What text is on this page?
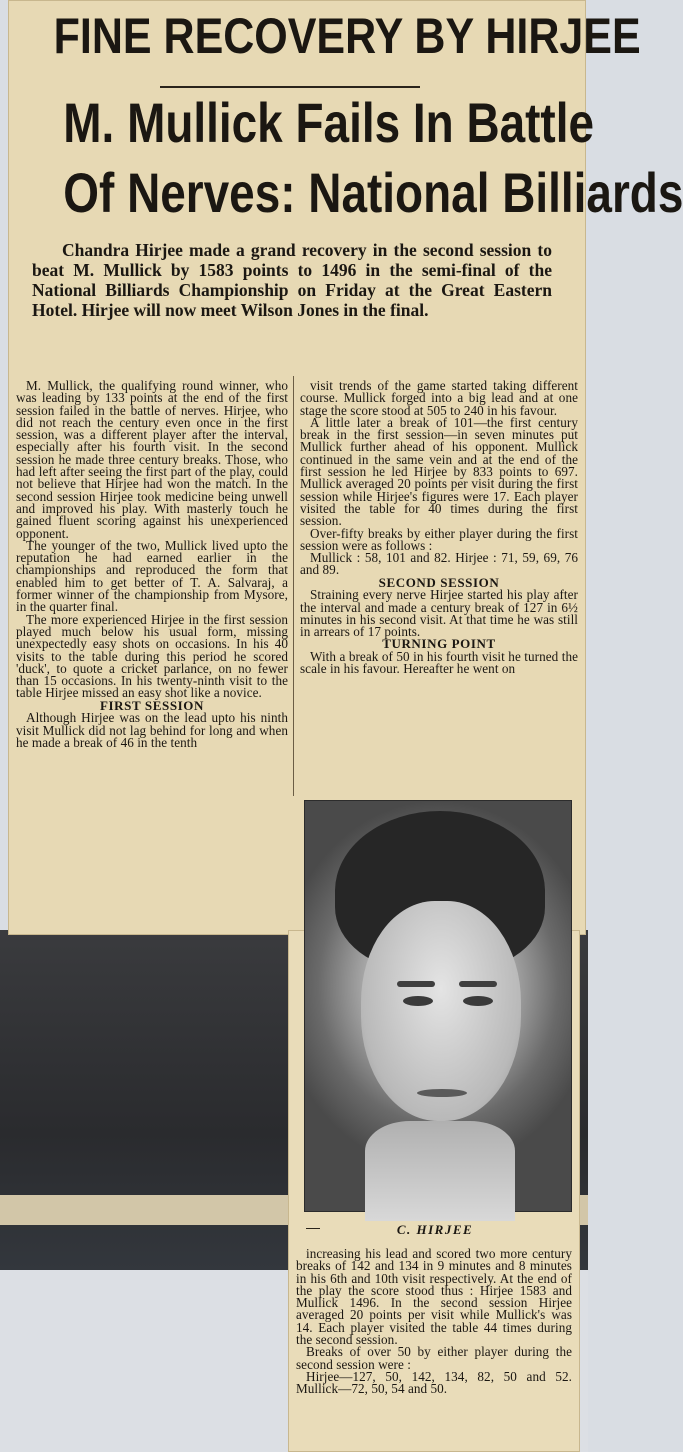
FINE RECOVERY BY HIRJEE
M. Mullick Fails In Battle
Of Nerves: National Billiards
Chandra Hirjee made a grand recovery in the second session to beat M. Mullick by 1583 points to 1496 in the semi-final of the National Billiards Championship on Friday at the Great Eastern Hotel. Hirjee will now meet Wilson Jones in the final.

M. Mullick, the qualifying round winner, who was leading by 133 points at the end of the first session failed in the battle of nerves. Hirjee, who did not reach the century even once in the first session, was a different player after the interval, especially after his fourth visit. In the second session he made three century breaks. Those, who had left after seeing the first part of the play, could not believe that Hirjee had won the match. In the second session Hirjee took medicine being unwell and improved his play. With masterly touch he gained fluent scoring against his unexperienced opponent.

The younger of the two, Mullick lived upto the reputation he had earned earlier in the championships and reproduced the form that enabled him to get better of T. A. Salvaraj, a former winner of the championship from Mysore, in the quarter final.

The more experienced Hirjee in the first session played much below his usual form, missing unexpectedly easy shots on occasions. In his 40 visits to the table during this period he scored 'duck', to quote a cricket parlance, on no fewer than 15 occasions. In his twenty-ninth visit to the table Hirjee missed an easy shot like a novice.

FIRST SESSION

Although Hirjee was on the lead upto his ninth visit Mullick did not lag behind for long and when he made a break of 46 in the tenth

visit trends of the game started taking different course. Mullick forged into a big lead and at one stage the score stood at 505 to 240 in his favour.

A little later a break of 101—the first century break in the first session—in seven minutes put Mullick further ahead of his opponent. Mullick continued in the same vein and at the end of the first session he led Hirjee by 833 points to 697. Mullick averaged 20 points per visit during the first session while Hirjee's figures were 17. Each player visited the table for 40 times during the first session.

Over-fifty breaks by either player during the first session were as follows :

Mullick : 58, 101 and 82. Hirjee : 71, 59, 69, 76 and 89.

SECOND SESSION

Straining every nerve Hirjee started his play after the interval and made a century break of 127 in 6½ minutes in his second visit. At that time he was still in arrears of 17 points.

TURNING POINT

With a break of 50 in his fourth visit he turned the scale in his favour. Hereafter he went on

C. HIRJEE

increasing his lead and scored two more century breaks of 142 and 134 in 9 minutes and 8 minutes in his 6th and 10th visit respectively. At the end of the play the score stood thus : Hirjee 1583 and Mullick 1496. In the second session Hirjee averaged 20 points per visit while Mullick's was 14. Each player visited the table 44 times during the second session.

Breaks of over 50 by either player during the second session were :

Hirjee—127, 50, 142, 134, 82, 50 and 52. Mullick—72, 50, 54 and 50.
